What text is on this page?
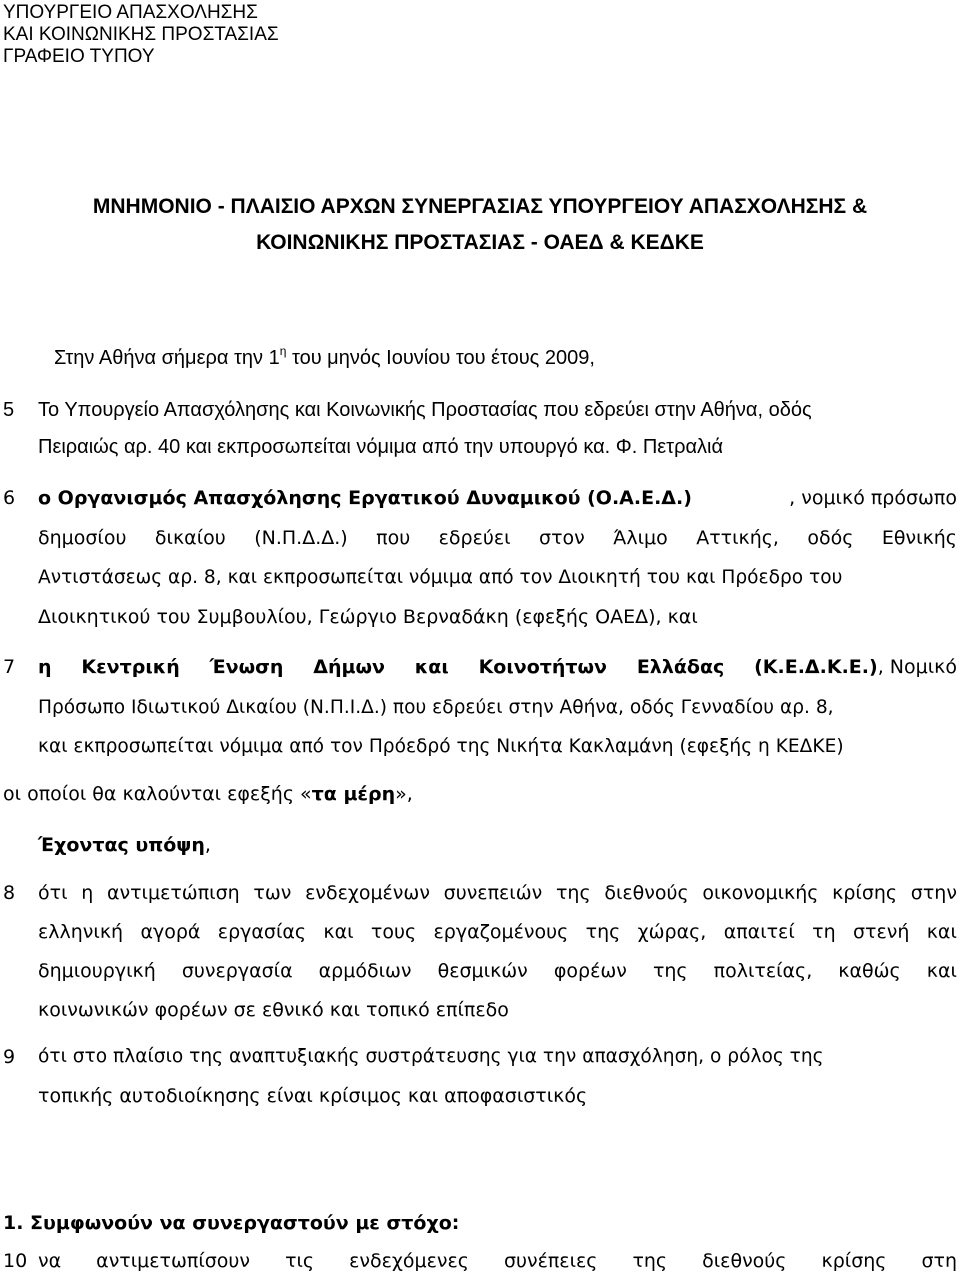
ΥΠΟΥΡΓΕΙΟ ΑΠΑΣΧΟΛΗΣΗΣ
ΚΑΙ ΚΟΙΝΩΝΙΚΗΣ ΠΡΟΣΤΑΣΙΑΣ
ΓΡΑΦΕΙΟ ΤΥΠΟΥ
ΜΝΗΜΟΝΙΟ - ΠΛΑΙΣΙΟ ΑΡΧΩΝ ΣΥΝΕΡΓΑΣΙΑΣ ΥΠΟΥΡΓΕΙΟΥ ΑΠΑΣΧΟΛΗΣΗΣ &
ΚΟΙΝΩΝΙΚΗΣ ΠΡΟΣΤΑΣΙΑΣ - ΟΑΕΔ & ΚΕΔΚΕ
Στην Αθήνα σήμερα την $1^\eta$ του μηνός Ιουνίου του έτους 2009,
5 Το Υπουργείο Απασχόλησης και Κοινωνικής Προστασίας που εδρεύει στην Αθήνα, οδός
Πειραιώς αρ. 40 και εκπροσωπείται νόμιμα από την υπουργό κα. Φ. Πετραλιά
6 ο Οργανισμός Απασχόλησης Εργατικού Δυναμικού (Ο.Α.Ε.Δ.)	, νομικό πρόσωπο
δημοσίου δικαίου (Ν.Π.Δ.Δ.) που εδρεύει στον Άλιμο Αττικής, οδός Εθνικής
Αντιστάσεως αρ. 8, και εκπροσωπείται νόμιμα από τον Διοικητή του και Πρόεδρο του
Διοικητικού του Συμβουλίου, Γεώργιο Βερναδάκη (εφεξής ΟΑΕΔ), και
7 η Κεντρική Ένωση Δήμων και Κοινοτήτων Ελλάδας (Κ.Ε.Δ.Κ.Ε.), Νομικό
Πρόσωπο Ιδιωτικού Δικαίου (Ν.Π.Ι.Δ.) που εδρεύει στην Αθήνα, οδός Γενναδίου αρ. 8,
και εκπροσωπείται νόμιμα από τον Πρόεδρό της Νικήτα Κακλαμάνη (εφεξής η ΚΕΔΚΕ)
οι οποίοι θα καλούνται εφεξής «τα μέρη»,
Έχοντας υπόψη,
8 ότι η αντιμετώπιση των ενδεχομένων συνεπειών της διεθνούς οικονομικής κρίσης στην
ελληνική αγορά εργασίας και τους εργαζομένους της χώρας, απαιτεί τη στενή και
δημιουργική συνεργασία αρμόδιων θεσμικών φορέων της πολιτείας, καθώς και
κοινωνικών φορέων σε εθνικό και τοπικό επίπεδο
9 ότι στο πλαίσιο της αναπτυξιακής συστράτευσης για την απασχόληση, ο ρόλος της
τοπικής αυτοδιοίκησης είναι κρίσιμος και αποφασιστικός
1. Συμφωνούν να συνεργαστούν με στόχο:
10 να αντιμετωπίσουν τις ενδεχόμενες συνέπειες της διεθνούς κρίσης στη
